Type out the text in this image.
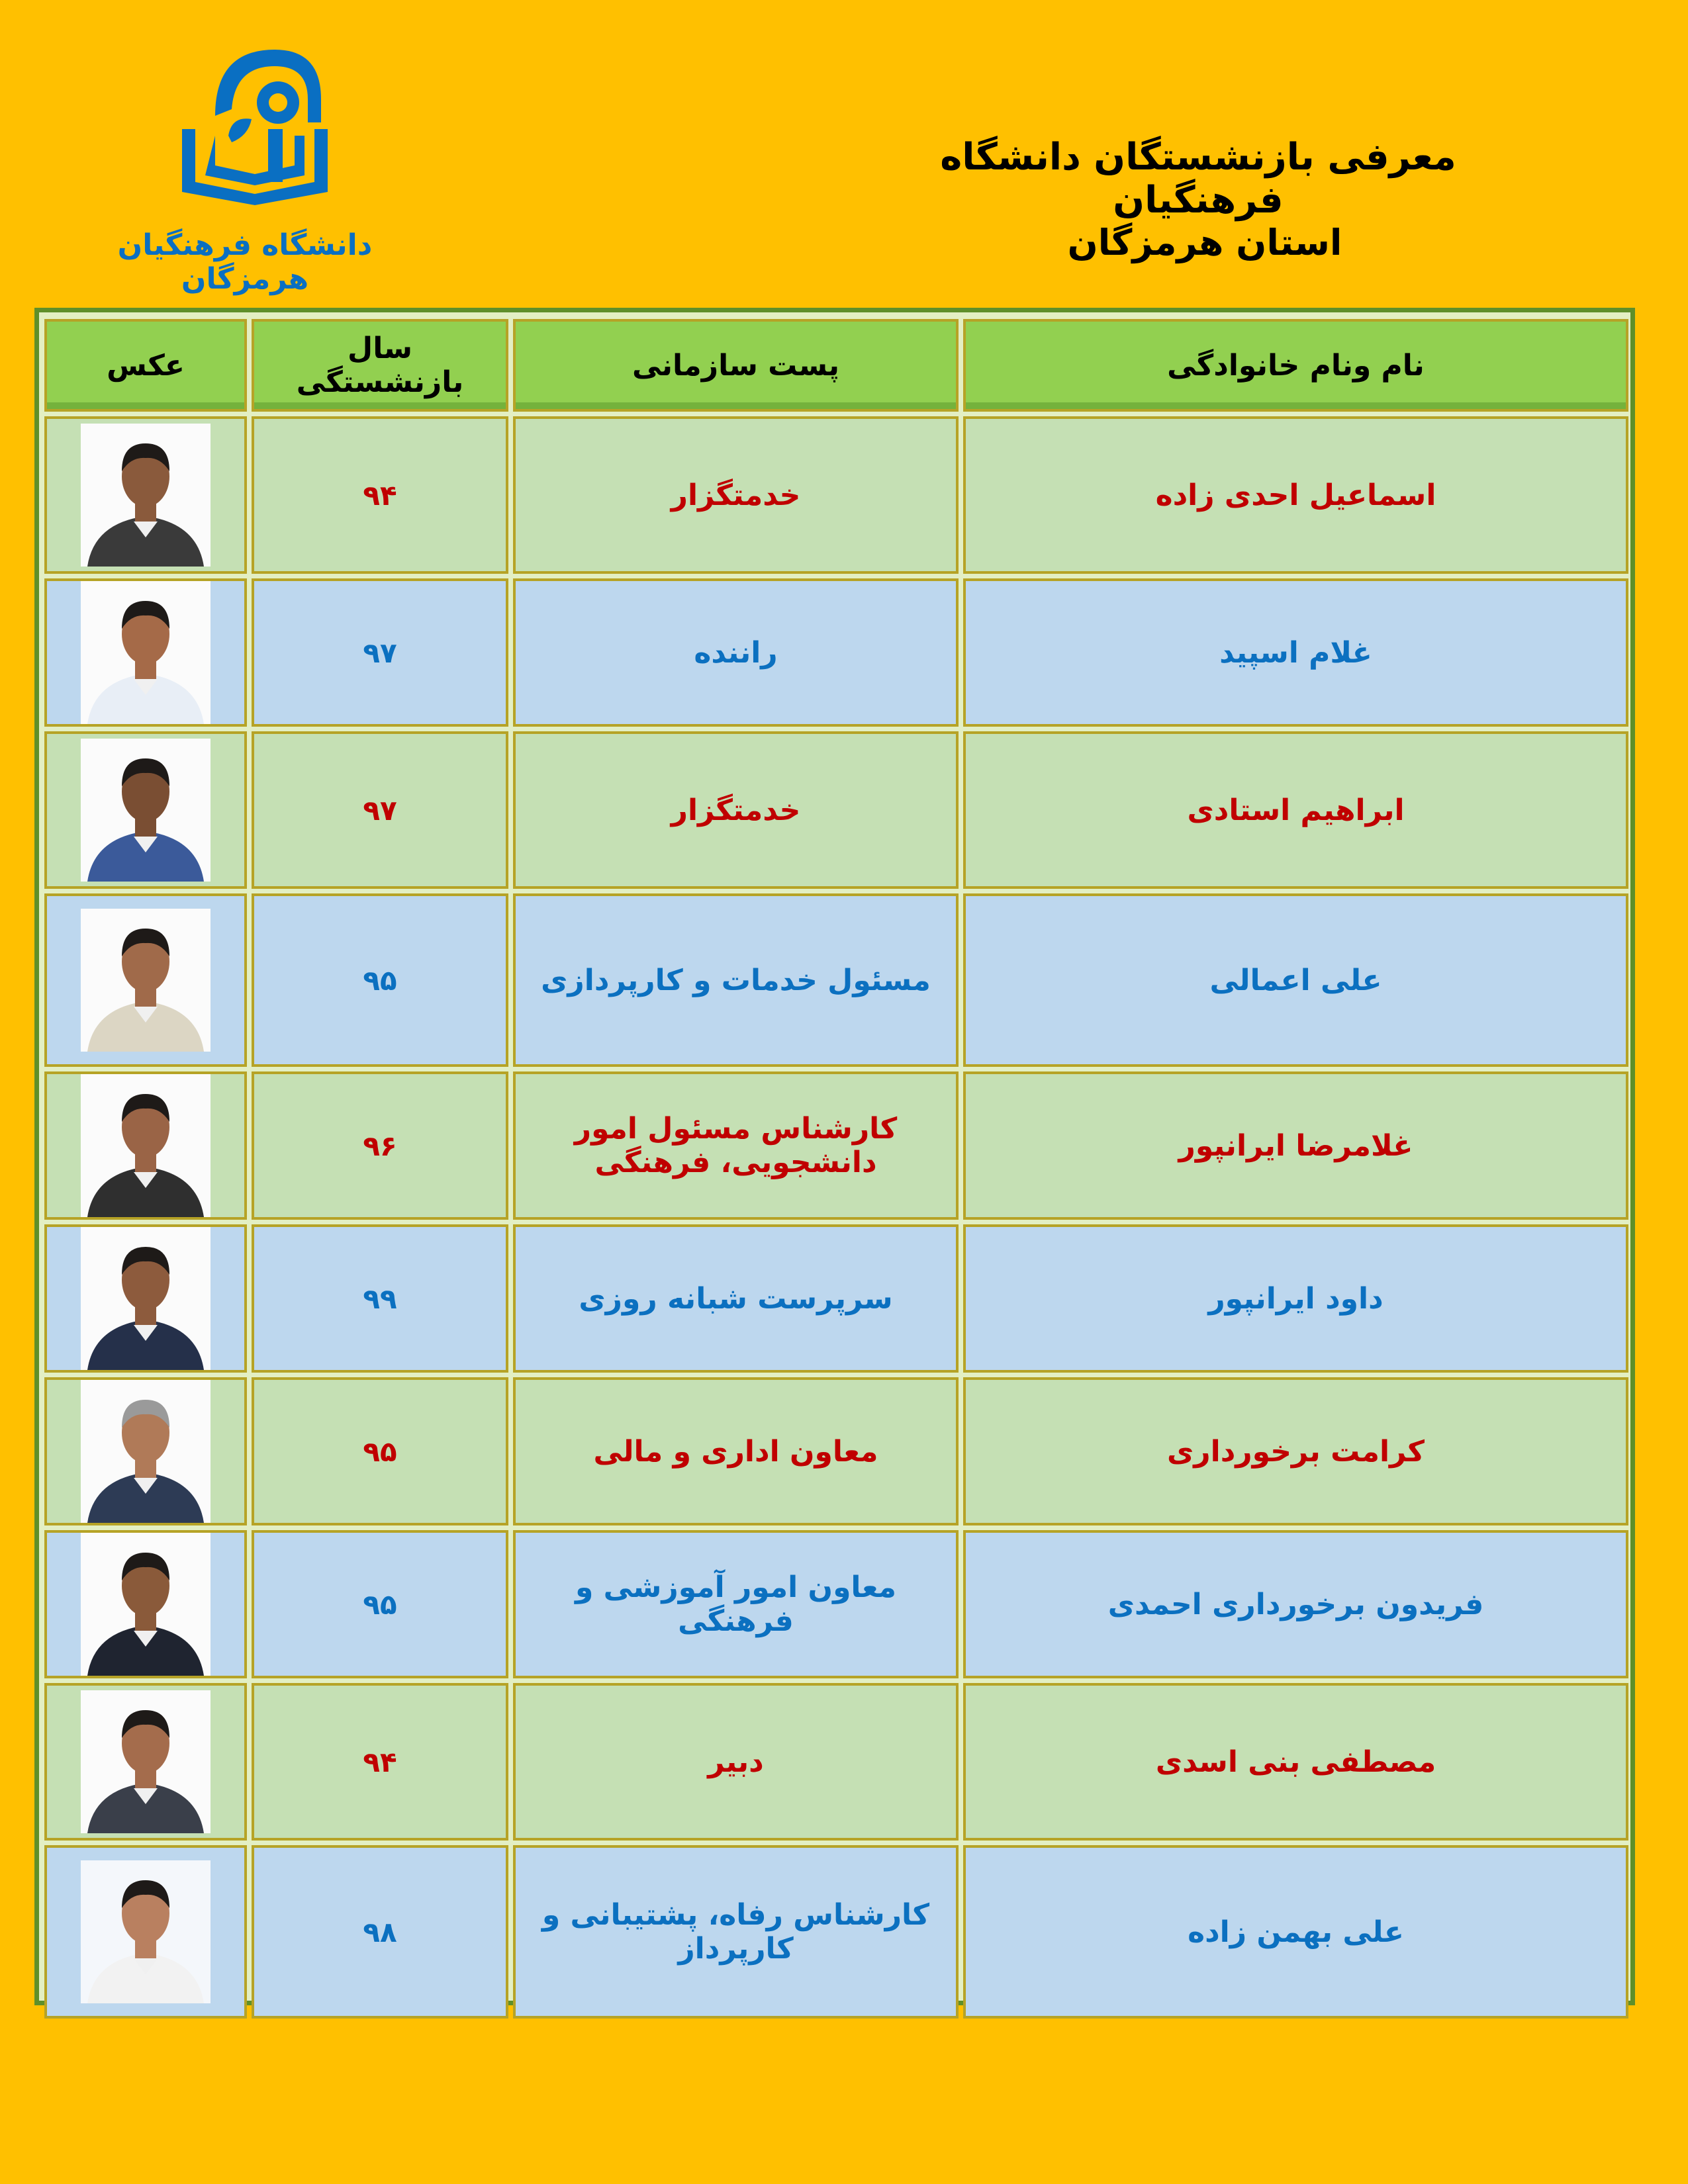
دانشگاه فرهنگیان هرمزگان
معرفی بازنشستگان دانشگاه فرهنگیان
استان هرمزگان
عکس	سال بازنشستگی	پست سازمانی	نام ونام خانوادگی

	۹۴	خدمتگزار	اسماعیل احدی زاده

	۹۷	راننده	غلام اسپید

	۹۷	خدمتگزار	ابراهیم استادی

	۹۵	مسئول خدمات و کارپردازی	علی اعمالی

	۹۶	کارشناس مسئول امور دانشجویی، فرهنگی	غلامرضا ایرانپور

	۹۹	سرپرست شبانه روزی	داود ایرانپور

	۹۵	معاون اداری و مالی	کرامت برخورداری

	۹۵	معاون امور آموزشی و فرهنگی	فریدون برخورداری احمدی

	۹۴	دبیر	مصطفی بنی اسدی

	۹۸	کارشناس رفاه، پشتیبانی و کارپرداز	علی بهمن زاده
